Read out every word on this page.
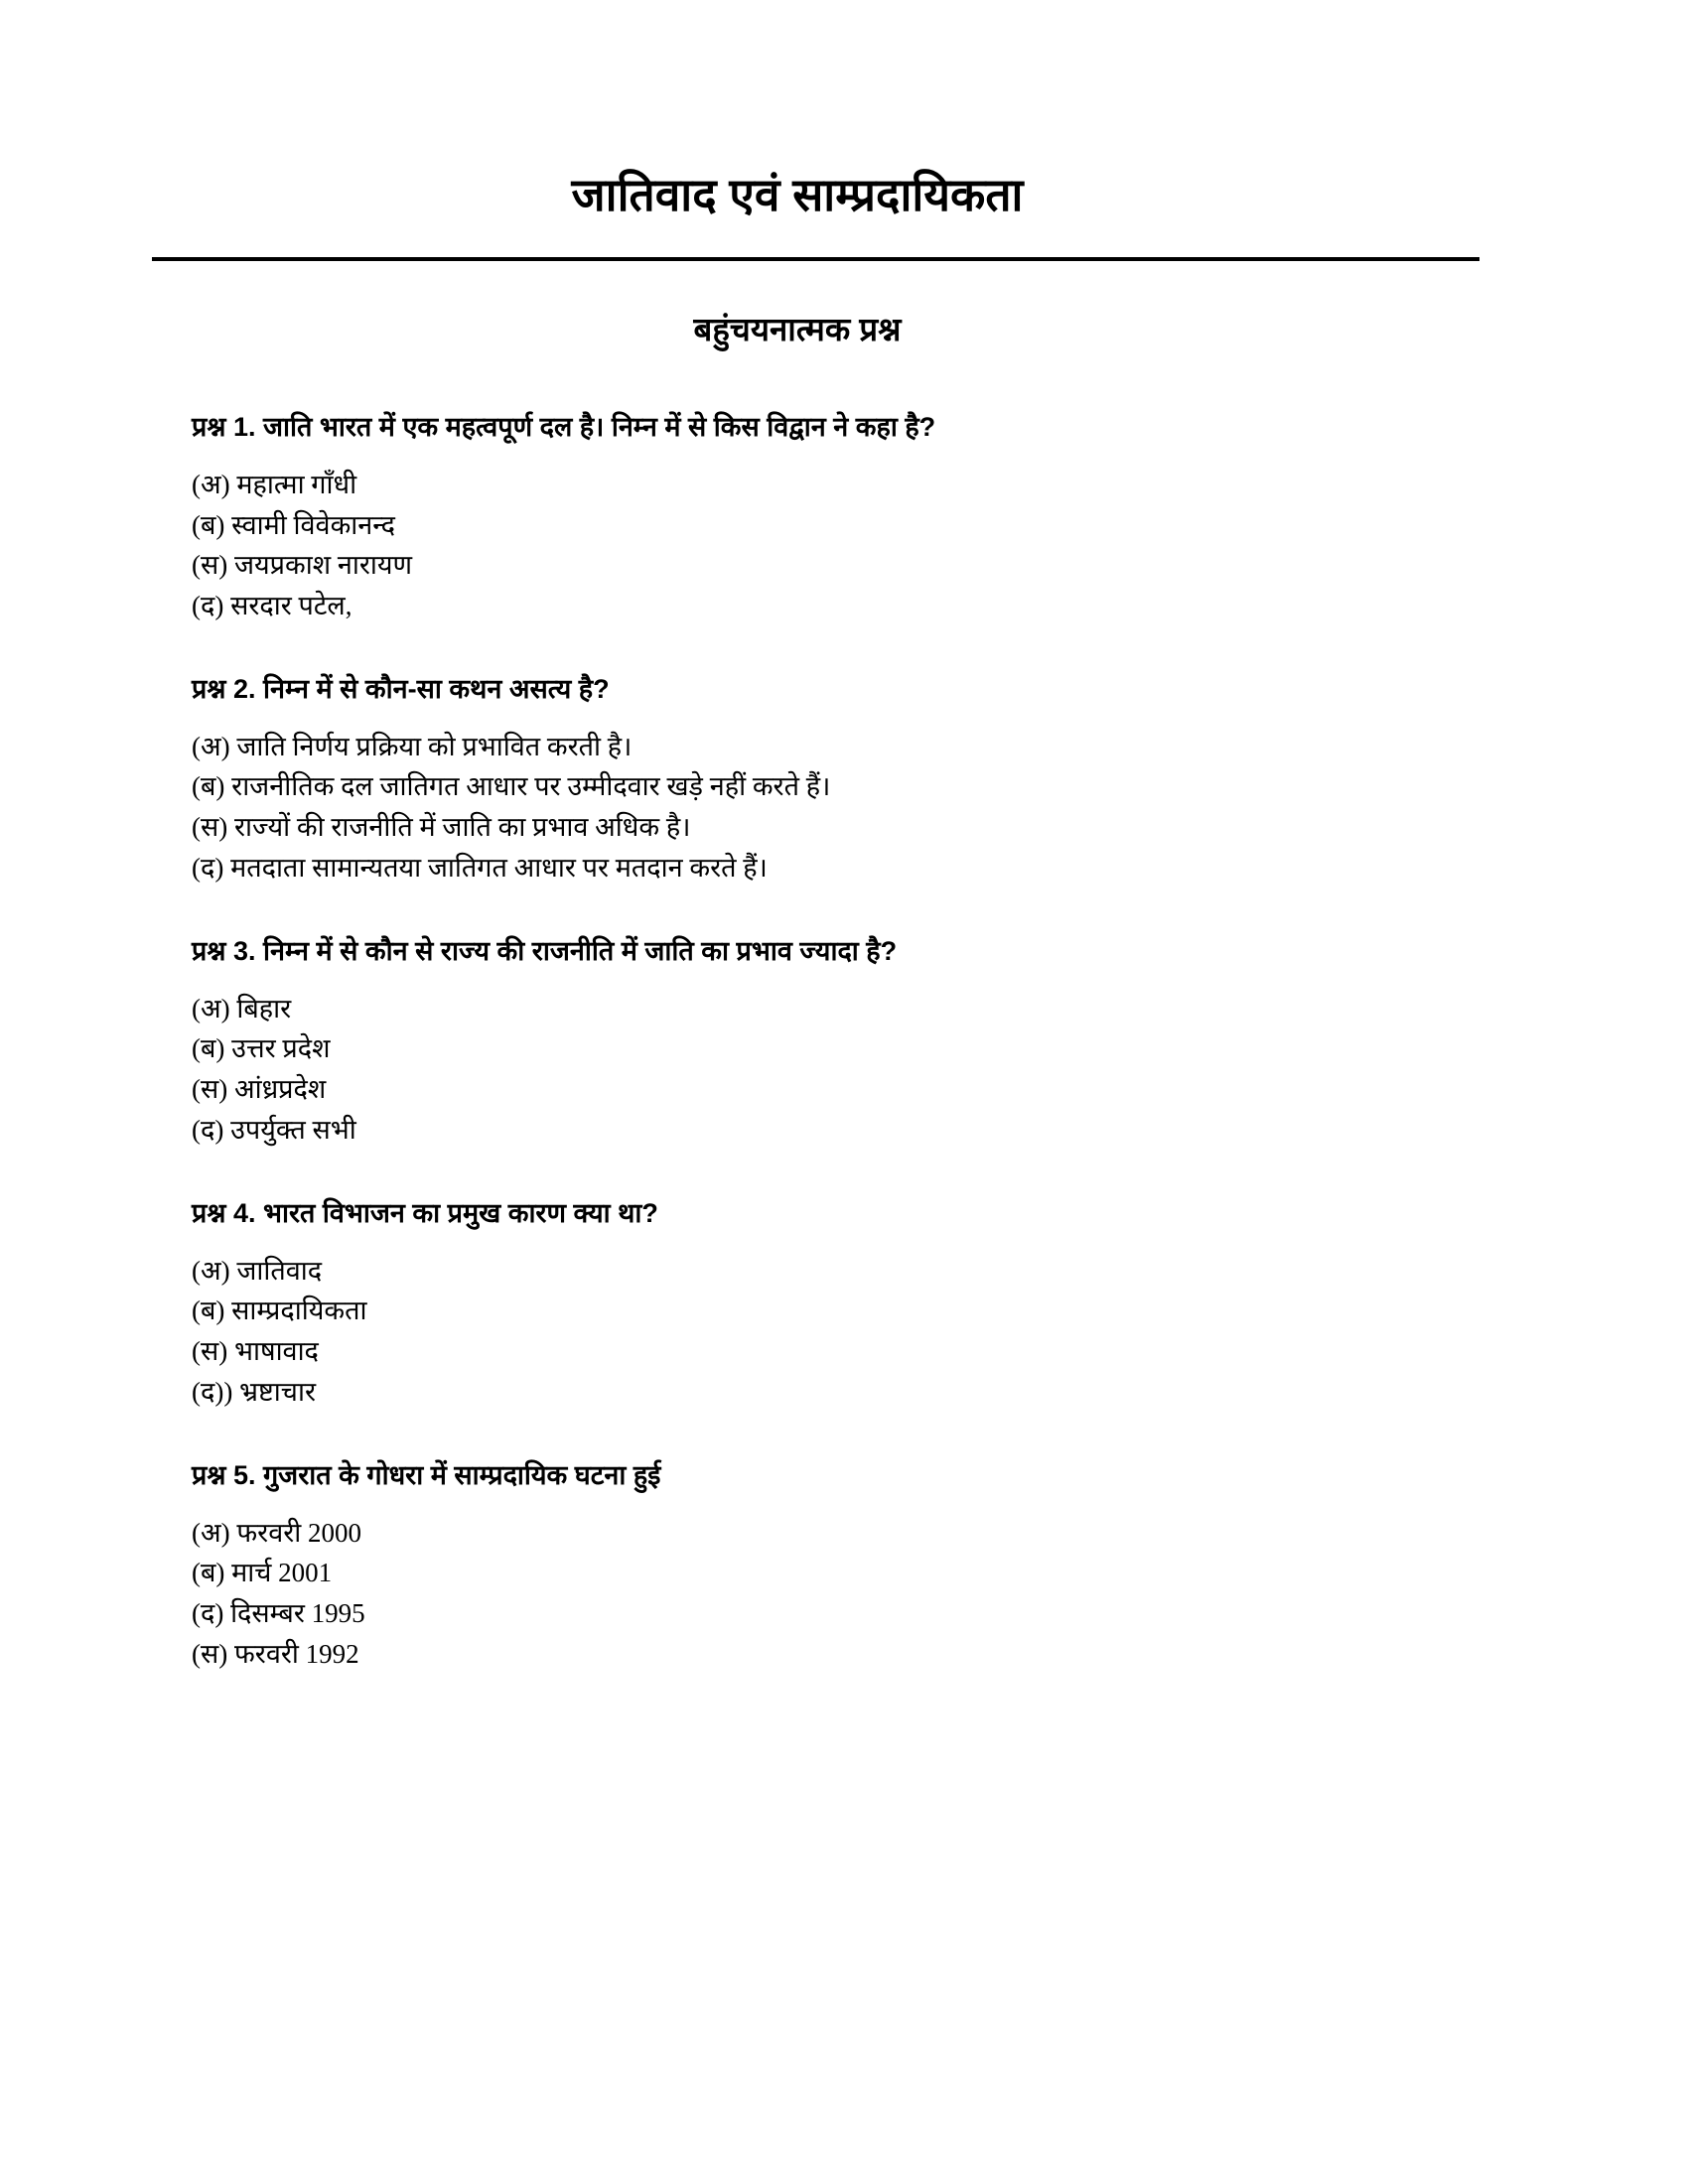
जातिवाद एवं साम्प्रदायिकता
बहुंचयनात्मक प्रश्न

प्रश्न 1. जाति भारत में एक महत्वपूर्ण दल है। निम्न में से किस विद्वान ने कहा है?

(अ) महात्मा गाँधी
(ब) स्वामी विवेकानन्द
(स) जयप्रकाश नारायण
(द) सरदार पटेल,

प्रश्न 2. निम्न में से कौन-सा कथन असत्य है?

(अ) जाति निर्णय प्रक्रिया को प्रभावित करती है।
(ब) राजनीतिक दल जातिगत आधार पर उम्मीदवार खड़े नहीं करते हैं।
(स) राज्यों की राजनीति में जाति का प्रभाव अधिक है।
(द) मतदाता सामान्यतया जातिगत आधार पर मतदान करते हैं।

प्रश्न 3. निम्न में से कौन से राज्य की राजनीति में जाति का प्रभाव ज्यादा है?

(अ) बिहार
(ब) उत्तर प्रदेश
(स) आंध्रप्रदेश
(द) उपर्युक्त सभी

प्रश्न 4. भारत विभाजन का प्रमुख कारण क्या था?

(अ) जातिवाद
(ब) साम्प्रदायिकता
(स) भाषावाद
(द)) भ्रष्टाचार

प्रश्न 5. गुजरात के गोधरा में साम्प्रदायिक घटना हुई

(अ) फरवरी 2000
(ब) मार्च 2001
(द) दिसम्बर 1995
(स) फरवरी 1992
